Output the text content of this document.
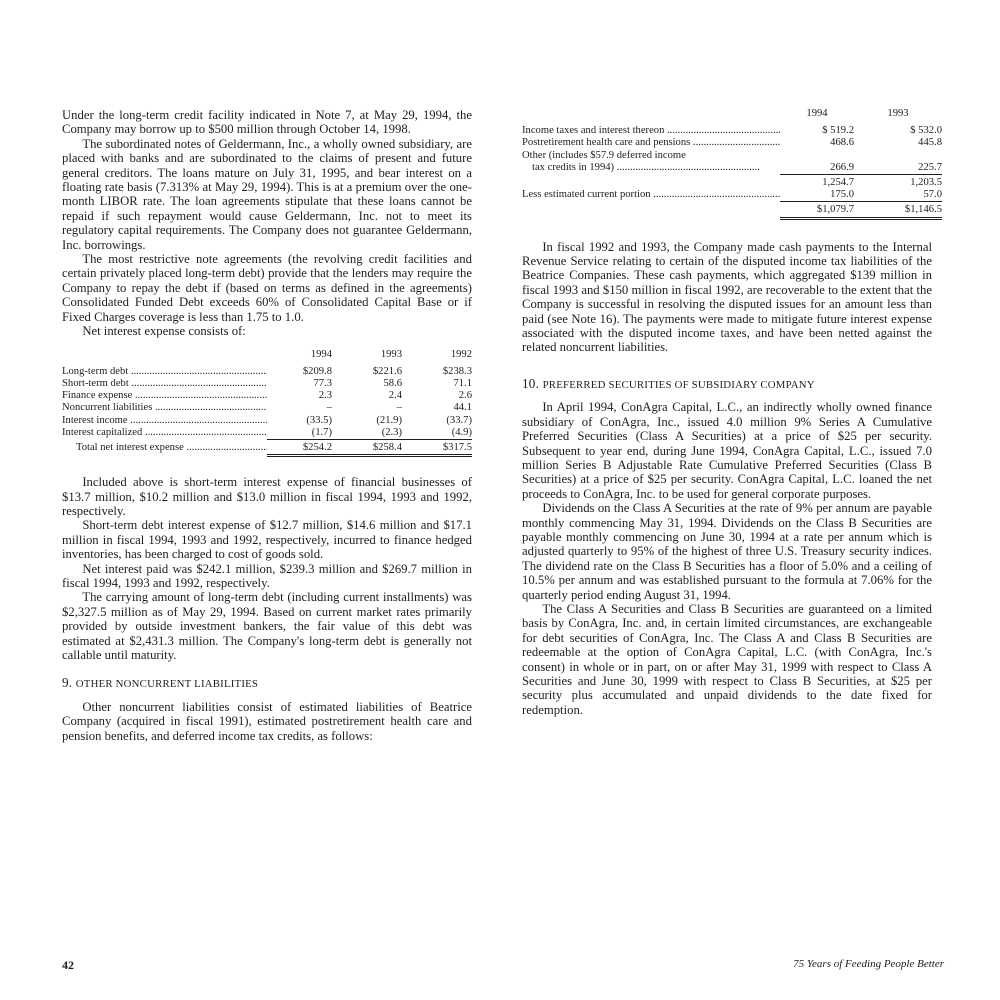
Under the long-term credit facility indicated in Note 7, at May 29, 1994, the Company may borrow up to $500 million through October 14, 1998.

The subordinated notes of Geldermann, Inc., a wholly owned subsidiary, are placed with banks and are subordinated to the claims of present and future general creditors. The loans mature on July 31, 1995, and bear interest on a floating rate basis (7.313% at May 29, 1994). This is at a premium over the one-month LIBOR rate. The loan agreements stipulate that these loans cannot be repaid if such repayment would cause Geldermann, Inc. not to meet its regulatory capital requirements. The Company does not guarantee Geldermann, Inc. borrowings.

The most restrictive note agreements (the revolving credit facilities and certain privately placed long-term debt) provide that the lenders may require the Company to repay the debt if (based on terms as defined in the agreements) Consolidated Funded Debt exceeds 60% of Consolidated Capital Base or if Fixed Charges coverage is less than 1.75 to 1.0.

Net interest expense consists of:

	1994	1993	1992
Long-term debt .....	$209.8	$221.6	$238.3
Short-term debt .....	77.3	58.6	71.1
Finance expense .....	2.3	2.4	2.6
Noncurrent liabilities .....	–	–	44.1
Interest income .....	(33.5)	(21.9)	(33.7)
Interest capitalized .....	(1.7)	(2.3)	(4.9)
Total net interest expense .....	$254.2	$258.4	$317.5

Included above is short-term interest expense of financial businesses of $13.7 million, $10.2 million and $13.0 million in fiscal 1994, 1993 and 1992, respectively.

Short-term debt interest expense of $12.7 million, $14.6 million and $17.1 million in fiscal 1994, 1993 and 1992, respectively, incurred to finance hedged inventories, has been charged to cost of goods sold.

Net interest paid was $242.1 million, $239.3 million and $269.7 million in fiscal 1994, 1993 and 1992, respectively.

The carrying amount of long-term debt (including current installments) was $2,327.5 million as of May 29, 1994. Based on current market rates primarily provided by outside investment bankers, the fair value of this debt was estimated at $2,431.3 million. The Company's long-term debt is generally not callable until maturity.

9. OTHER NONCURRENT LIABILITIES

Other noncurrent liabilities consist of estimated liabilities of Beatrice Company (acquired in fiscal 1991), estimated postretirement health care and pension benefits, and deferred income tax credits, as follows:

	1994	1993
Income taxes and interest thereon .....	$ 519.2	$ 532.0
Postretirement health care and pensions .....	468.6	445.8
Other (includes $57.9 deferred income		
tax credits in 1994) .....	266.9	225.7
	1,254.7	1,203.5
Less estimated current portion .....	175.0	57.0
	$1,079.7	$1,146.5

In fiscal 1992 and 1993, the Company made cash payments to the Internal Revenue Service relating to certain of the disputed income tax liabilities of the Beatrice Companies. These cash payments, which aggregated $139 million in fiscal 1993 and $150 million in fiscal 1992, are recoverable to the extent that the Company is successful in resolving the disputed issues for an amount less than paid (see Note 16). The payments were made to mitigate future interest expense associated with the disputed income taxes, and have been netted against the related noncurrent liabilities.

10. PREFERRED SECURITIES OF SUBSIDIARY COMPANY

In April 1994, ConAgra Capital, L.C., an indirectly wholly owned finance subsidiary of ConAgra, Inc., issued 4.0 million 9% Series A Cumulative Preferred Securities (Class A Securities) at a price of $25 per security. Subsequent to year end, during June 1994, ConAgra Capital, L.C., issued 7.0 million Series B Adjustable Rate Cumulative Preferred Securities (Class B Securities) at a price of $25 per security. ConAgra Capital, L.C. loaned the net proceeds to ConAgra, Inc. to be used for general corporate purposes.

Dividends on the Class A Securities at the rate of 9% per annum are payable monthly commencing May 31, 1994. Dividends on the Class B Securities are payable monthly commencing on June 30, 1994 at a rate per annum which is adjusted quarterly to 95% of the highest of three U.S. Treasury security indices. The dividend rate on the Class B Securities has a floor of 5.0% and a ceiling of 10.5% per annum and was established pursuant to the formula at 7.06% for the quarterly period ending August 31, 1994.

The Class A Securities and Class B Securities are guaranteed on a limited basis by ConAgra, Inc. and, in certain limited circumstances, are exchangeable for debt securities of ConAgra, Inc. The Class A and Class B Securities are redeemable at the option of ConAgra Capital, L.C. (with ConAgra, Inc.'s consent) in whole or in part, on or after May 31, 1999 with respect to Class A Securities and June 30, 1999 with respect to Class B Securities, at $25 per security plus accumulated and unpaid dividends to the date fixed for redemption.

42	75 Years of Feeding People Better
